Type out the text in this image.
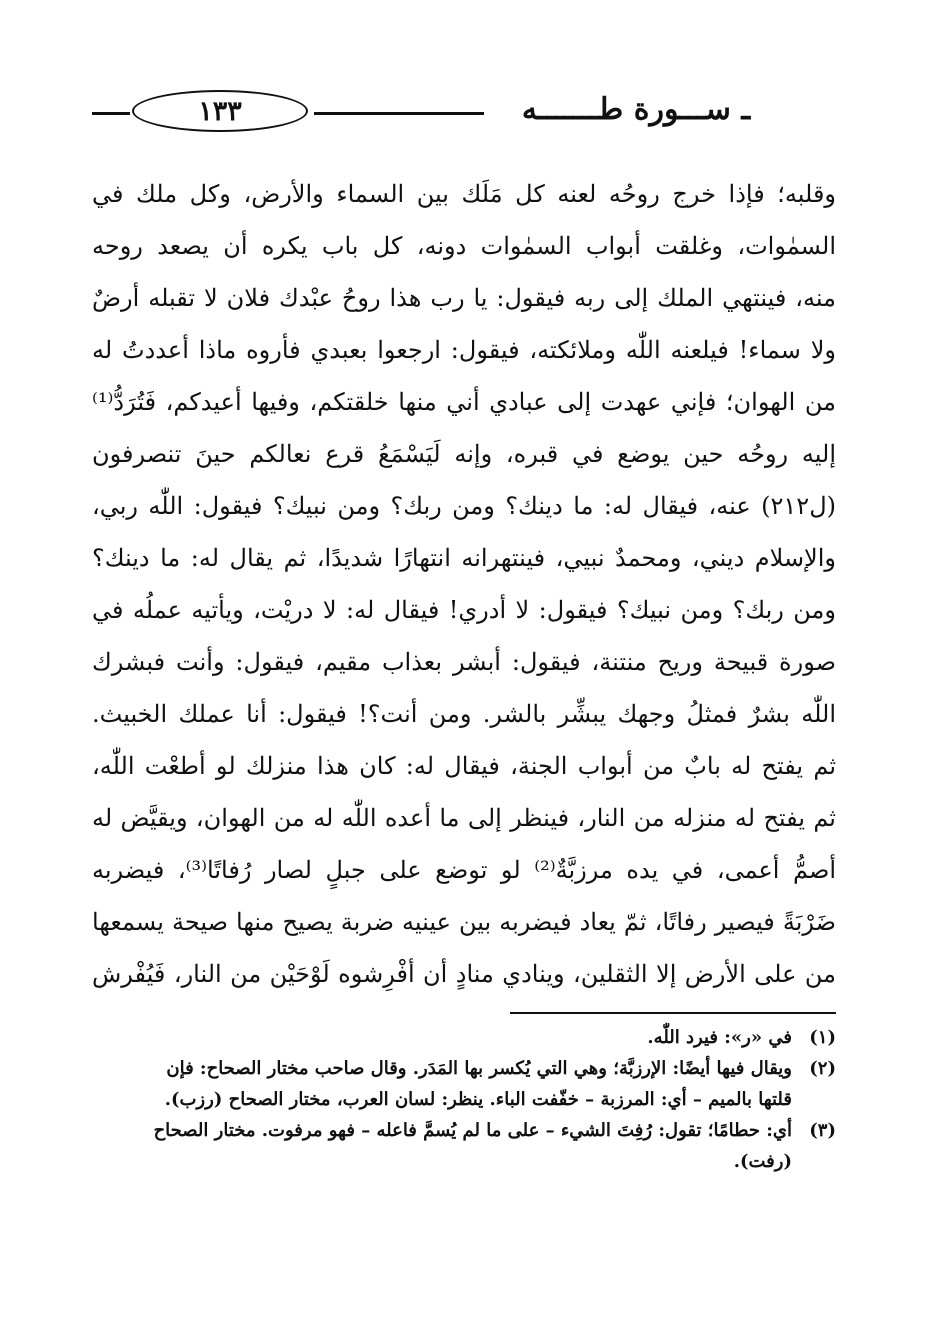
١٣٣	ـ ســـورة طـــــــه
وقلبه؛ فإذا خرج روحُه لعنه كل مَلَك بين السماء والأرض، وكل ملك في
السمٰوات، وغلقت أبواب السمٰوات دونه، كل باب يكره أن يصعد روحه
منه، فينتهي الملك إلى ربه فيقول: يا رب هذا روحُ عبْدك فلان لا تقبله أرضٌ
ولا سماء! فيلعنه اللّٰه وملائكته، فيقول: ارجعوا بعبدي فأروه ماذا أعددتُ له
من الهوان؛ فإني عهدت إلى عبادي أني منها خلقتكم، وفيها أعيدكم، فَتُرَدُّ⁽¹⁾
إليه روحُه حين يوضع في قبره، وإنه لَيَسْمَعُ قرع نعالكم حينَ تنصرفون
(ل٢١٢) عنه، فيقال له: ما دينك؟ ومن ربك؟ ومن نبيك؟ فيقول: اللّٰه ربي،
والإسلام ديني، ومحمدٌ نبيي، فينتهرانه انتهارًا شديدًا، ثم يقال له: ما دينك؟
ومن ربك؟ ومن نبيك؟ فيقول: لا أدري! فيقال له: لا دريْت، ويأتيه عملُه في
صورة قبيحة وريح منتنة، فيقول: أبشر بعذاب مقيم، فيقول: وأنت فبشرك
اللّٰه بشرٌ فمثلُ وجهك يبشِّر بالشر. ومن أنت؟! فيقول: أنا عملك الخبيث.
ثم يفتح له بابٌ من أبواب الجنة، فيقال له: كان هذا منزلك لو أطعْت اللّٰه،
ثم يفتح له منزله من النار، فينظر إلى ما أعده اللّٰه له من الهوان، ويقيَّض له
أصمُّ أعمى، في يده مرزبَّةٌ⁽²⁾ لو توضع على جبلٍ لصار رُفاتًا⁽³⁾، فيضربه
ضَرْبَةً فيصير رفاتًا، ثمّ يعاد فيضربه بين عينيه ضربة يصيح منها صيحة يسمعها
من على الأرض إلا الثقلين، وينادي منادٍ أن أفْرِشوه لَوْحَيْن من النار، فَيُفْرش
(١)
في «ر»: فيرد اللّٰه.
(٢)
ويقال فيها أيضًا: الإرزبَّة؛ وهي التي يُكسر بها المَدَر. وقال صاحب مختار الصحاح: فإن
قلتها بالميم – أي: المرزبة – خفّفت الباء. ينظر: لسان العرب، مختار الصحاح (رزب).
(٣)
أي: حطامًا؛ تقول: رُفِتَ الشيء – على ما لم يُسمَّ فاعله – فهو مرفوت. مختار الصحاح
(رفت).
